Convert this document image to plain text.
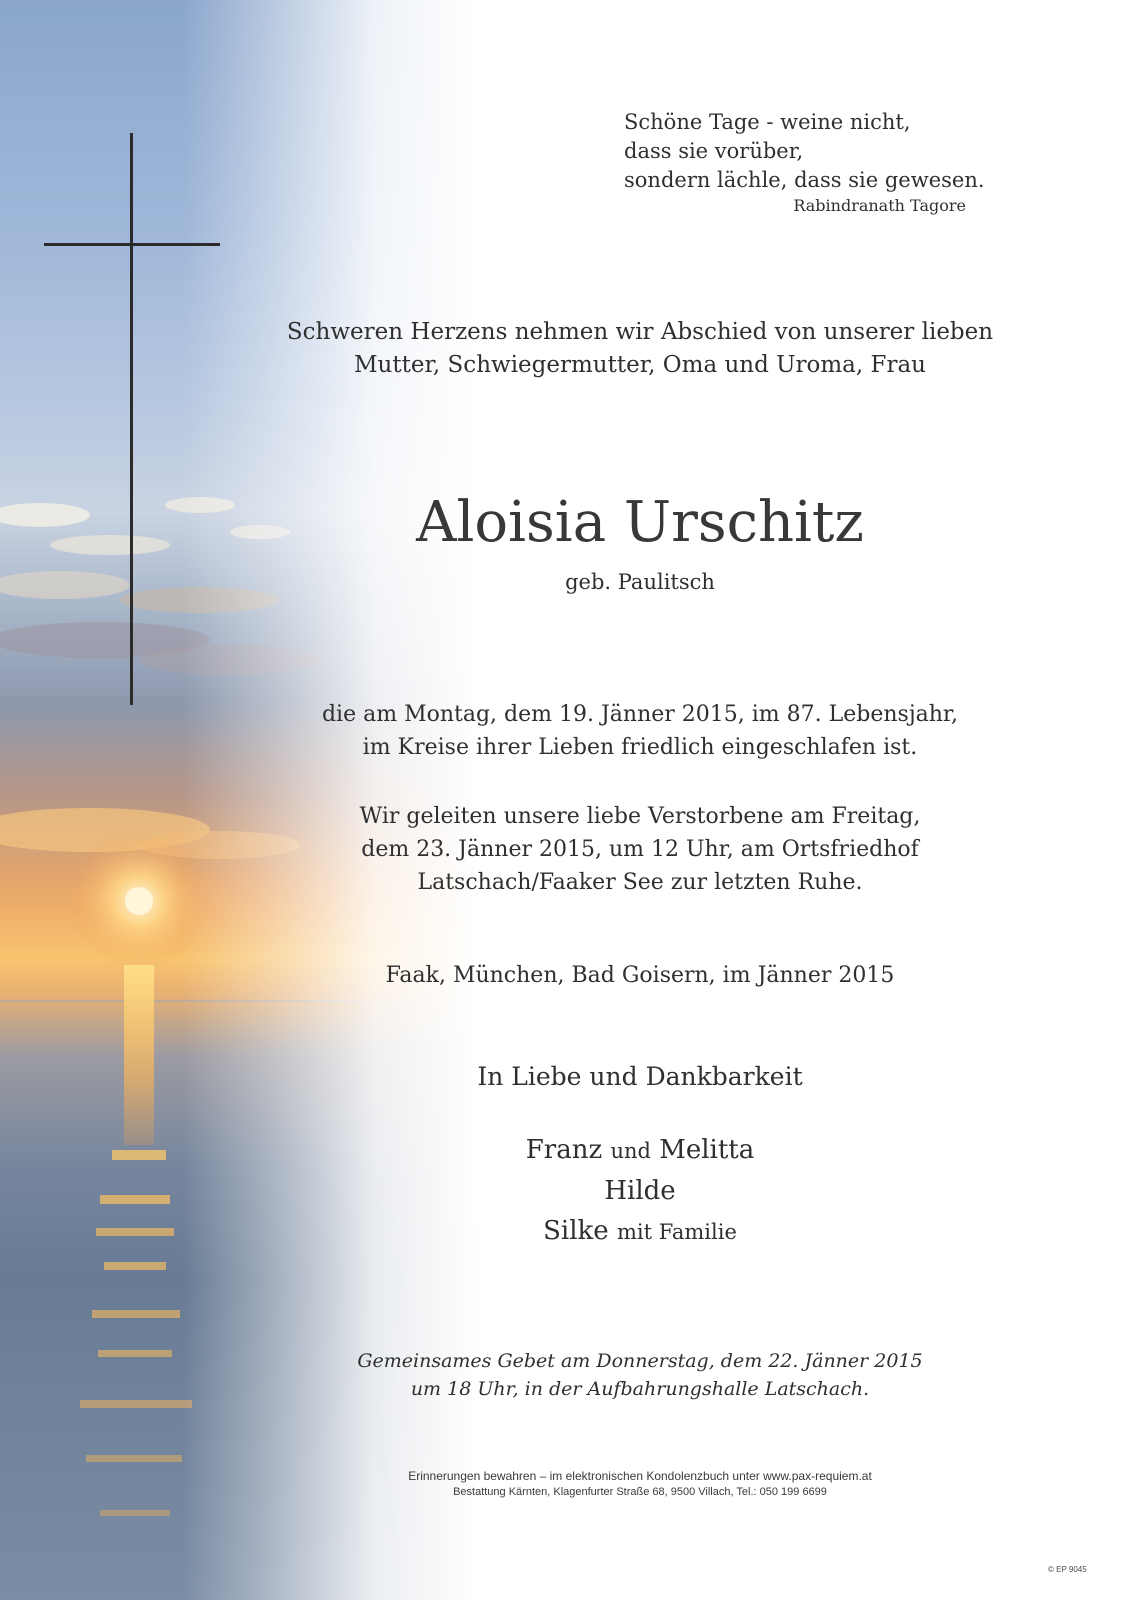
Schöne Tage - weine nicht,
dass sie vorüber,
sondern lächle, dass sie gewesen.
Rabindranath Tagore
Schweren Herzens nehmen wir Abschied von unserer lieben
Mutter, Schwiegermutter, Oma und Uroma, Frau
Aloisia Urschitz
geb. Paulitsch
die am Montag, dem 19. Jänner 2015, im 87. Lebensjahr,
im Kreise ihrer Lieben friedlich eingeschlafen ist.
Wir geleiten unsere liebe Verstorbene am Freitag,
dem 23. Jänner 2015, um 12 Uhr, am Ortsfriedhof
Latschach/Faaker See zur letzten Ruhe.
Faak, München, Bad Goisern, im Jänner 2015
In Liebe und Dankbarkeit
Franz und Melitta
Hilde
Silke mit Familie
Gemeinsames Gebet am Donnerstag, dem 22. Jänner 2015
um 18 Uhr, in der Aufbahrungshalle Latschach.
Erinnerungen bewahren – im elektronischen Kondolenzbuch unter www.pax-requiem.at
Bestattung Kärnten, Klagenfurter Straße 68, 9500 Villach, Tel.: 050 199 6699
© EP 9045
